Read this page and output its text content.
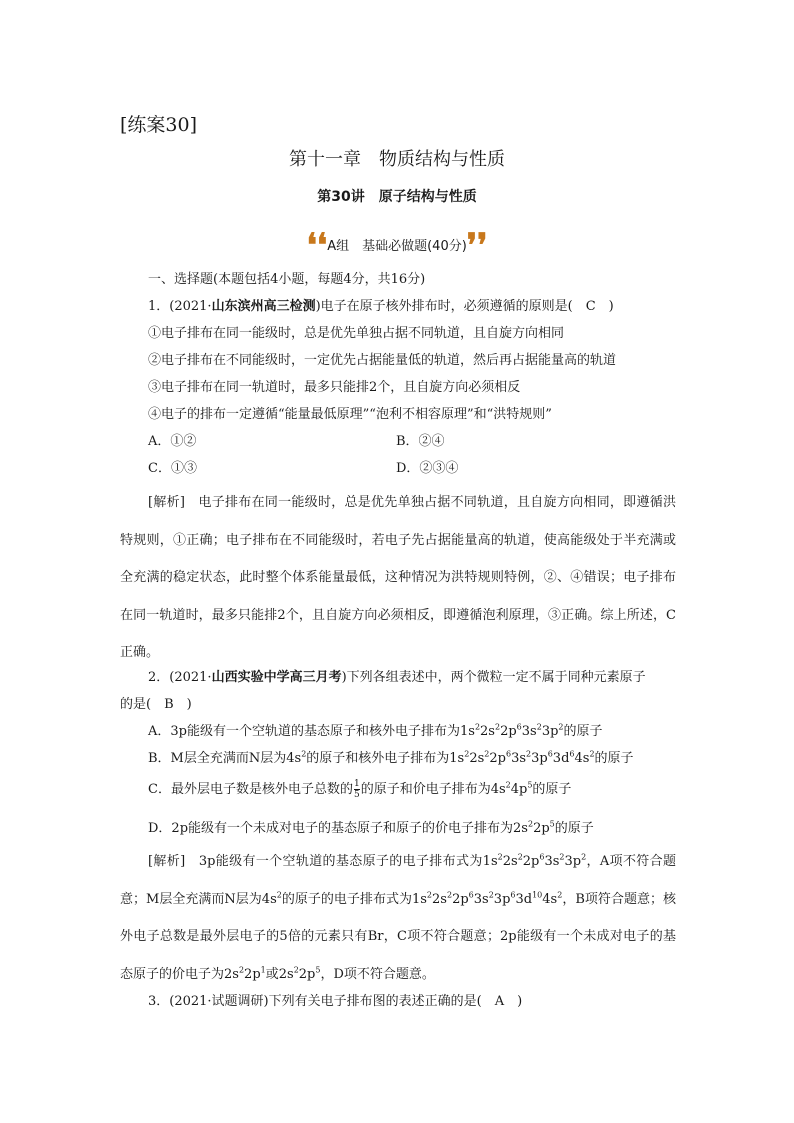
[练案30]
第十一章　物质结构与性质
第30讲　原子结构与性质
❛❛A组　基础必做题(40分)❜❜
一、选择题(本题包括4小题，每题4分，共16分)
1．(2021·山东滨州高三检测)电子在原子核外排布时，必须遵循的原则是(　C　)
①电子排布在同一能级时，总是优先单独占据不同轨道，且自旋方向相同
②电子排布在不同能级时，一定优先占据能量低的轨道，然后再占据能量高的轨道
③电子排布在同一轨道时，最多只能排2个，且自旋方向必须相反
④电子的排布一定遵循“能量最低原理”“泡利不相容原理”和“洪特规则”
A．①②	B．②④
C．①③	D．②③④
[解析]　电子排布在同一能级时，总是优先单独占据不同轨道，且自旋方向相同，即遵循洪特规则，①正确；电子排布在不同能级时，若电子先占据能量高的轨道，使高能级处于半充满或全充满的稳定状态，此时整个体系能量最低，这种情况为洪特规则特例，②、④错误；电子排布在同一轨道时，最多只能排2个，且自旋方向必须相反，即遵循泡利原理，③正确。综上所述，C正确。
2．(2021·山西实验中学高三月考)下列各组表述中，两个微粒一定不属于同种元素原子
的是(　B　)
A．3p能级有一个空轨道的基态原子和核外电子排布为$1s^22s^22p^63s^23p^2$的原子
B．M层全充满而N层为$4s^2$的原子和核外电子排布为$1s^22s^22p^63s^23p^63d^64s^2$的原子
C．最外层电子数是核外电子总数的 $\frac{1}{5}$ 的原子和价电子排布为$4s^24p^5$的原子
D．2p能级有一个未成对电子的基态原子和原子的价电子排布为$2s^22p^5$的原子
[解析]　3p能级有一个空轨道的基态原子的电子排布式为$1s^22s^22p^63s^23p^2$，A项不符合题意；M层全充满而N层为$4s^2$的原子的电子排布式为$1s^22s^22p^63s^23p^63d^{10}4s^2$，B项符合题意；核外电子总数是最外层电子的5倍的元素只有Br，C项不符合题意；2p能级有一个未成对电子的基态原子的价电子为$2s^22p^1$或$2s^22p^5$，D项不符合题意。
3．(2021·试题调研)下列有关电子排布图的表述正确的是(　A　)
